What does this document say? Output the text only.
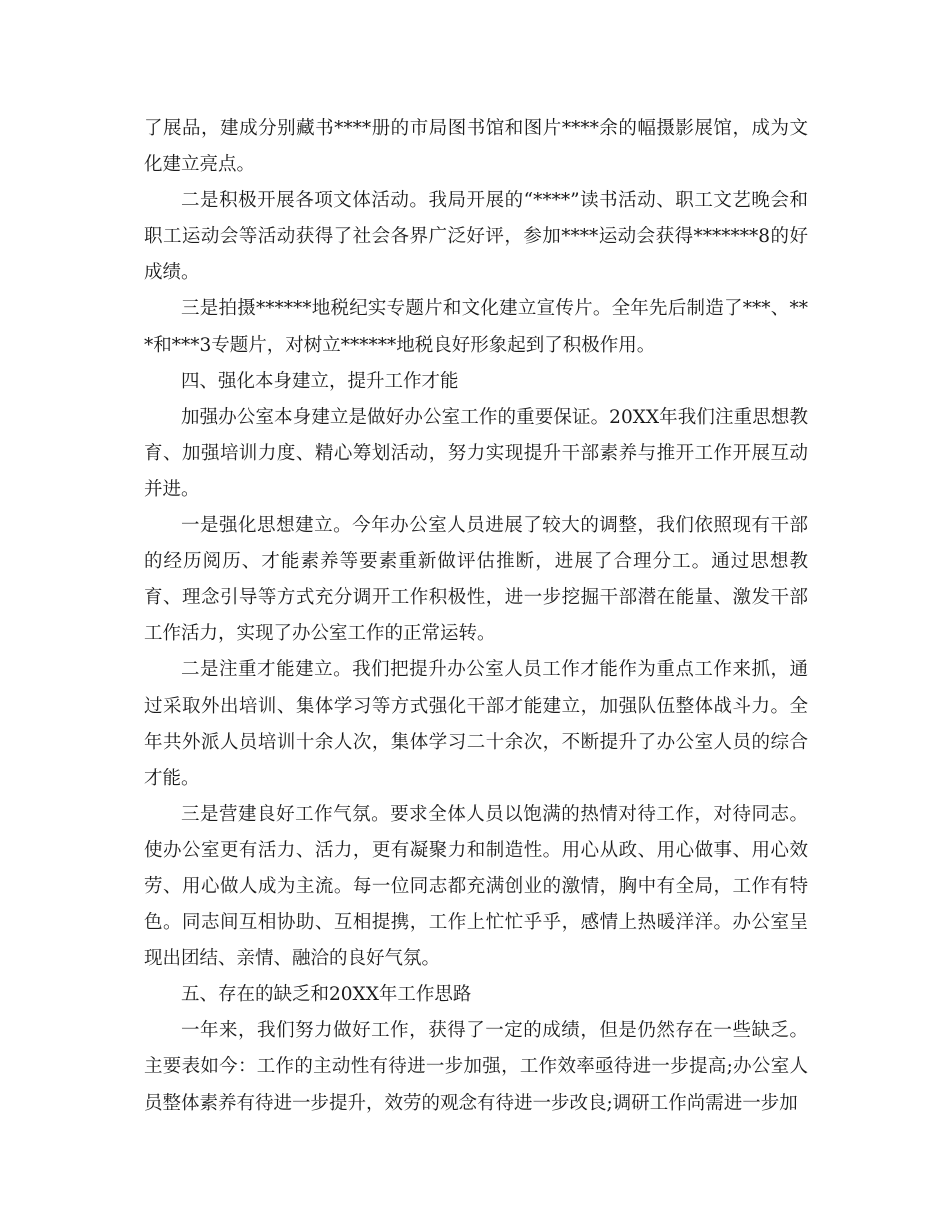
了展品，建成分别藏书****册的市局图书馆和图片****余的幅摄影展馆，成为文化建立亮点。

二是积极开展各项文体活动。我局开展的“****”读书活动、职工文艺晚会和职工运动会等活动获得了社会各界广泛好评，参加****运动会获得*******8的好成绩。

三是拍摄******地税纪实专题片和文化建立宣传片。全年先后制造了***、***和***3专题片，对树立******地税良好形象起到了积极作用。

四、强化本身建立，提升工作才能

加强办公室本身建立是做好办公室工作的重要保证。20XX年我们注重思想教育、加强培训力度、精心筹划活动，努力实现提升干部素养与推开工作开展互动并进。

一是强化思想建立。今年办公室人员进展了较大的调整，我们依照现有干部的经历阅历、才能素养等要素重新做评估推断，进展了合理分工。通过思想教育、理念引导等方式充分调开工作积极性，进一步挖掘干部潜在能量、激发干部工作活力，实现了办公室工作的正常运转。

二是注重才能建立。我们把提升办公室人员工作才能作为重点工作来抓，通过采取外出培训、集体学习等方式强化干部才能建立，加强队伍整体战斗力。全年共外派人员培训十余人次，集体学习二十余次，不断提升了办公室人员的综合才能。

三是营建良好工作气氛。要求全体人员以饱满的热情对待工作，对待同志。使办公室更有活力、活力，更有凝聚力和制造性。用心从政、用心做事、用心效劳、用心做人成为主流。每一位同志都充满创业的激情，胸中有全局，工作有特色。同志间互相协助、互相提携，工作上忙忙乎乎，感情上热暖洋洋。办公室呈现出团结、亲情、融洽的良好气氛。

五、存在的缺乏和20XX年工作思路

一年来，我们努力做好工作，获得了一定的成绩，但是仍然存在一些缺乏。主要表如今：工作的主动性有待进一步加强，工作效率亟待进一步提高;办公室人员整体素养有待进一步提升，效劳的观念有待进一步改良;调研工作尚需进一步加
